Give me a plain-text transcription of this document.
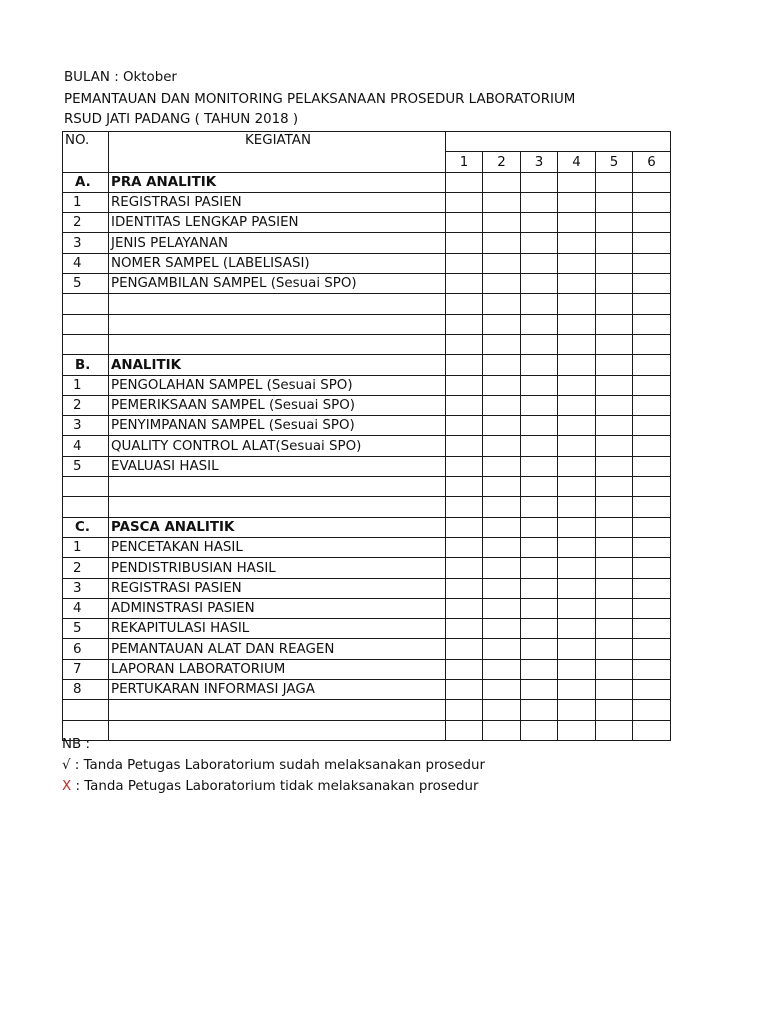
BULAN : Oktober
PEMANTAUAN DAN MONITORING PELAKSANAAN PROSEDUR LABORATORIUM
RSUD JATI PADANG ( TAHUN 2018 )
NO.	KEGIATAN						
		1	2	3	4	5	6
A.	PRA ANALITIK						
1	REGISTRASI PASIEN						
2	IDENTITAS LENGKAP PASIEN						
3	JENIS PELAYANAN						
4	NOMER SAMPEL (LABELISASI)						
5	PENGAMBILAN SAMPEL (Sesuai SPO)						

B.	ANALITIK						
1	PENGOLAHAN SAMPEL (Sesuai SPO)						
2	PEMERIKSAAN SAMPEL (Sesuai SPO)						
3	PENYIMPANAN SAMPEL (Sesuai SPO)						
4	QUALITY CONTROL ALAT(Sesuai SPO)						
5	EVALUASI HASIL						

C.	PASCA ANALITIK						
1	PENCETAKAN HASIL						
2	PENDISTRIBUSIAN HASIL						
3	REGISTRASI PASIEN						
4	ADMINSTRASI PASIEN						
5	REKAPITULASI HASIL						
6	PEMANTAUAN ALAT DAN REAGEN						
7	LAPORAN LABORATORIUM						
8	PERTUKARAN INFORMASI JAGA						

NB :
√ : Tanda Petugas Laboratorium sudah melaksanakan prosedur
X : Tanda Petugas Laboratorium tidak melaksanakan prosedur
